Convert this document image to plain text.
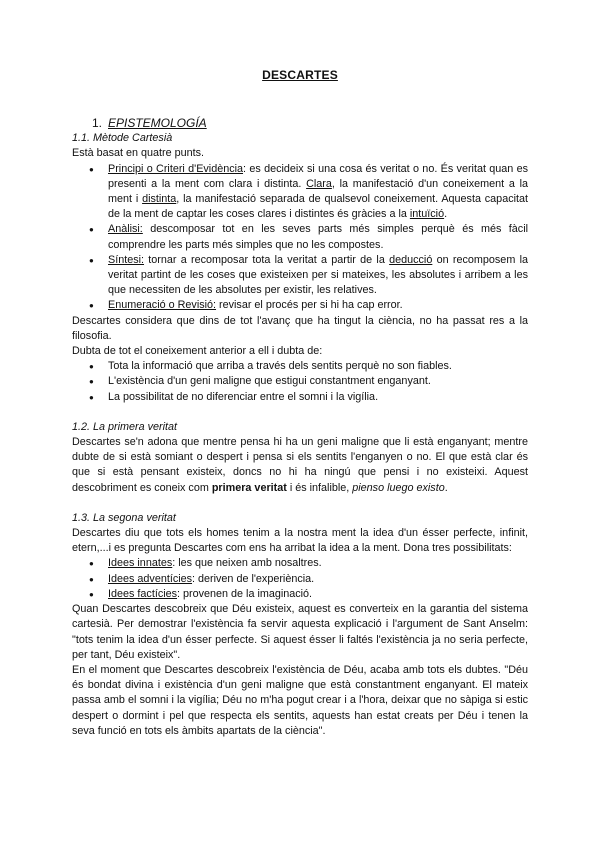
DESCARTES
1. EPISTEMOLOGÍA
1.1. Mètode Cartesià

Està basat en quatre punts.

● Principi o Criteri d'Evidència: es decideix si una cosa és veritat o no. És veritat quan es presenti a la ment com clara i distinta. Clara, la manifestació d'un coneixement a la ment i distinta, la manifestació separada de qualsevol coneixement. Aquesta capacitat de la ment de captar les coses clares i distintes és gràcies a la intuïció.
● Anàlisi: descomposar tot en les seves parts més simples perquè és més fàcil comprendre les parts més simples que no les compostes.
● Síntesi: tornar a recomposar tota la veritat a partir de la deducció on recomposem la veritat partint de les coses que existeixen per si mateixes, les absolutes i arribem a les que necessiten de les absolutes per existir, les relatives.
● Enumeració o Revisió: revisar el procés per si hi ha cap error.

Descartes considera que dins de tot l'avanç que ha tingut la ciència, no ha passat res a la filosofia.

Dubta de tot el coneixement anterior a ell i dubta de:

● Tota la informació que arriba a través dels sentits perquè no son fiables.
● L'existència d'un geni maligne que estigui constantment enganyant.
● La possibilitat de no diferenciar entre el somni i la vigília.
1.2. La primera veritat

Descartes se'n adona que mentre pensa hi ha un geni maligne que li està enganyant; mentre dubte de si està somiant o despert i pensa si els sentits l'enganyen o no. El que està clar és que si està pensant existeix, doncs no hi ha ningú que pensi i no existeixi. Aquest descobriment es coneix com primera veritat i és infalible, pienso luego existo.

1.3. La segona veritat

Descartes diu que tots els homes tenim a la nostra ment la idea d'un ésser perfecte, infinit, etern,...i es pregunta Descartes com ens ha arribat la idea a la ment. Dona tres possibilitats:

● Idees innates: les que neixen amb nosaltres.
● Idees adventícies: deriven de l'experiència.
● Idees factícies: provenen de la imaginació.

Quan Descartes descobreix que Déu existeix, aquest es converteix en la garantia del sistema cartesià. Per demostrar l'existència fa servir aquesta explicació i l'argument de Sant Anselm: "tots tenim la idea d'un ésser perfecte. Si aquest ésser li faltés l'existència ja no seria perfecte, per tant, Déu existeix".

En el moment que Descartes descobreix l'existència de Déu, acaba amb tots els dubtes. "Déu és bondat divina i existència d'un geni maligne que està constantment enganyant. El mateix passa amb el somni i la vigília; Déu no m'ha pogut crear i a l'hora, deixar que no sàpiga si estic despert o dormint i pel que respecta els sentits, aquests han estat creats per Déu i tenen la seva funció en tots els àmbits apartats de la ciència".
